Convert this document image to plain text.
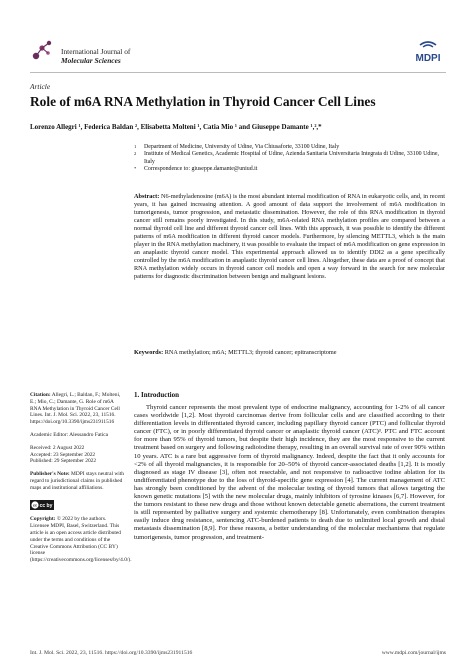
International Journal of
Molecular Sciences	MDPI
Article
Role of m6A RNA Methylation in Thyroid Cancer Cell Lines
Lorenzo Allegri ¹, Federica Baldan ², Elisabetta Molteni ¹, Catia Mio ¹ and Giuseppe Damante ¹,²,*
1 Department of Medicine, University of Udine, Via Chiusaforte, 33100 Udine, Italy
2 Institute of Medical Genetics, Academic Hospital of Udine, Azienda Sanitaria Universitaria Integrata di Udine, 33100 Udine, Italy
* Correspondence to: giuseppe.damante@uniud.it
Abstract: N6-methyladenosine (m6A) is the most abundant internal modification of RNA in eukaryotic cells, and, in recent years, it has gained increasing attention. A good amount of data support the involvement of m6A modification in tumorigenesis, tumor progression, and metastatic dissemination. However, the role of this RNA modification in thyroid cancer still remains poorly investigated. In this study, m6A-related RNA methylation profiles are compared between a normal thyroid cell line and different thyroid cancer cell lines. With this approach, it was possible to identify the different patterns of m6A modification in different thyroid cancer models. Furthermore, by silencing METTL3, which is the main player in the RNA methylation machinery, it was possible to evaluate the impact of m6A modification on gene expression in an anaplastic thyroid cancer model. This experimental approach allowed us to identify DDI2 as a gene specifically controlled by the m6A modification in anaplastic thyroid cancer cell lines. Altogether, these data are a proof of concept that RNA methylation widely occurs in thyroid cancer cell models and open a way forward in the search for new molecular patterns for diagnostic discrimination between benign and malignant lesions.
Keywords: RNA methylation; m6A; METTL3; thyroid cancer; epitranscriptome

Citation: Allegri, L.; Baldan, F.; Molteni, E.; Mio, C.; Damante, G. Role of m6A RNA Methylation in Thyroid Cancer Cell Lines. Int. J. Mol. Sci. 2022, 23, 11516. https://doi.org/10.3390/ijms231911516

Academic Editor: Alessandro Fatica

Received: 2 August 2022
Accepted: 23 September 2022

Published: 29 September 2022

Publisher's Note: MDPI stays neutral with regard to jurisdictional claims in published maps and institutional affiliations.

cc cc by

Copyright: © 2022 by the authors. Licensee MDPI, Basel, Switzerland. This article is an open access article distributed under the terms and conditions of the Creative Commons Attribution (CC BY) license (https://creativecommons.org/licenses/by/4.0/).

1. Introduction

Thyroid cancer represents the most prevalent type of endocrine malignancy, accounting for 1-2% of all cancer cases worldwide [1,2]. Most thyroid carcinomas derive from follicular cells and are classified according to their differentiation levels in differentiated thyroid cancer, including papillary thyroid cancer (PTC) and follicular thyroid cancer (FTC), or in poorly differentiated thyroid cancer or anaplastic thyroid cancer (ATC)³. PTC and FTC account for more than 95% of thyroid tumors, but despite their high incidence, they are the most responsive to the current treatment based on surgery and following radioiodine therapy, resulting in an overall survival rate of over 90% within 10 years. ATC is a rare but aggressive form of thyroid malignancy. Indeed, despite the fact that it only accounts for <2% of all thyroid malignancies, it is responsible for 20–50% of thyroid cancer-associated deaths [1,2]. It is mostly diagnosed as stage IV disease [3], often not resectable, and not responsive to radioactive iodine ablation for its undifferentiated phenotype due to the loss of thyroid-specific gene expression [4]. The current management of ATC has strongly been conditioned by the advent of the molecular testing of thyroid tumors that allows targeting the known genetic mutations [5] with the new molecular drugs, mainly inhibitors of tyrosine kinases [6,7]. However, for the tumors resistant to these new drugs and those without known detectable genetic aberrations, the current treatment is still represented by palliative surgery and systemic chemotherapy [8]. Unfortunately, even combination therapies easily induce drug resistance, sentencing ATC-burdened patients to death due to unlimited local growth and distal metastasis dissemination [8,9]. For these reasons, a better understanding of the molecular mechanisms that regulate tumorigenesis, tumor progression, and treatment-

Int. J. Mol. Sci. 2022, 23, 11516. https://doi.org/10.3390/ijms231911516	www.mdpi.com/journal/ijms
